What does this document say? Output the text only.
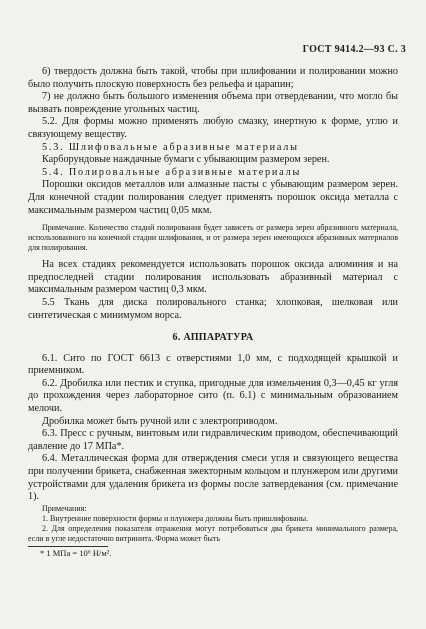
ГОСТ 9414.2—93 С. 3

6) твердость должна быть такой, чтобы при шлифовании и полировании можно было получить плоскую поверхность без рельефа и царапин;

7) не должно быть большого изменения объема при отвердевании, что могло бы вызвать повреждение угольных частиц.

5.2. Для формы можно применять любую смазку, инертную к форме, углю и связующему веществу.

5.3. Шлифовальные абразивные материалы

Карборундовые наждачные бумаги с убывающим размером зерен.

5.4. Полировальные абразивные материалы

Порошки оксидов металлов или алмазные пасты с убывающим размером зерен. Для конечной стадии полирования следует применять порошок оксида металла с максимальным размером частиц 0,05 мкм.

Примечание. Количество стадий полирования будет зависеть от размера зерен абразивного материала, использованного на конечной стадии шлифования, и от размера зерен имеющихся абразивных материалов для полирования.

На всех стадиях рекомендуется использовать порошок оксида алюминия и на предпоследней стадии полирования использовать абразивный материал с максимальным размером частиц 0,3 мкм.

5.5 Ткань для диска полировального станка; хлопковая, шелковая или синтетическая с минимумом ворса.

6. АППАРАТУРА

6.1. Сито по ГОСТ 6613 с отверстиями 1,0 мм, с подходящей крышкой и приемником.

6.2. Дробилка или пестик и ступка, пригодные для измельчения 0,3—0,45 кг угля до прохождения через лабораторное сито (п. 6.1) с минимальным образованием мелочи.

Дробилка может быть ручной или с электроприводом.

6.3. Пресс с ручным, винтовым или гидравлическим приводом, обеспечивающий давление до 17 МПа*.

6.4. Металлическая форма для отверждения смеси угля и связующего вещества при получении брикета, снабженная эжекторным кольцом и плунжером или другими устройствами для удаления брикета из формы после затвердевания (см. примечание 1).

Примечания:

1. Внутренние поверхности формы и плунжера должны быть пришлифованы.

2. Для определения показателя отражения могут потребоваться два брикета минимального размера, если в угле недостаточно витринита. Форма может быть

* 1 МПа = 10⁶ Н/м².
